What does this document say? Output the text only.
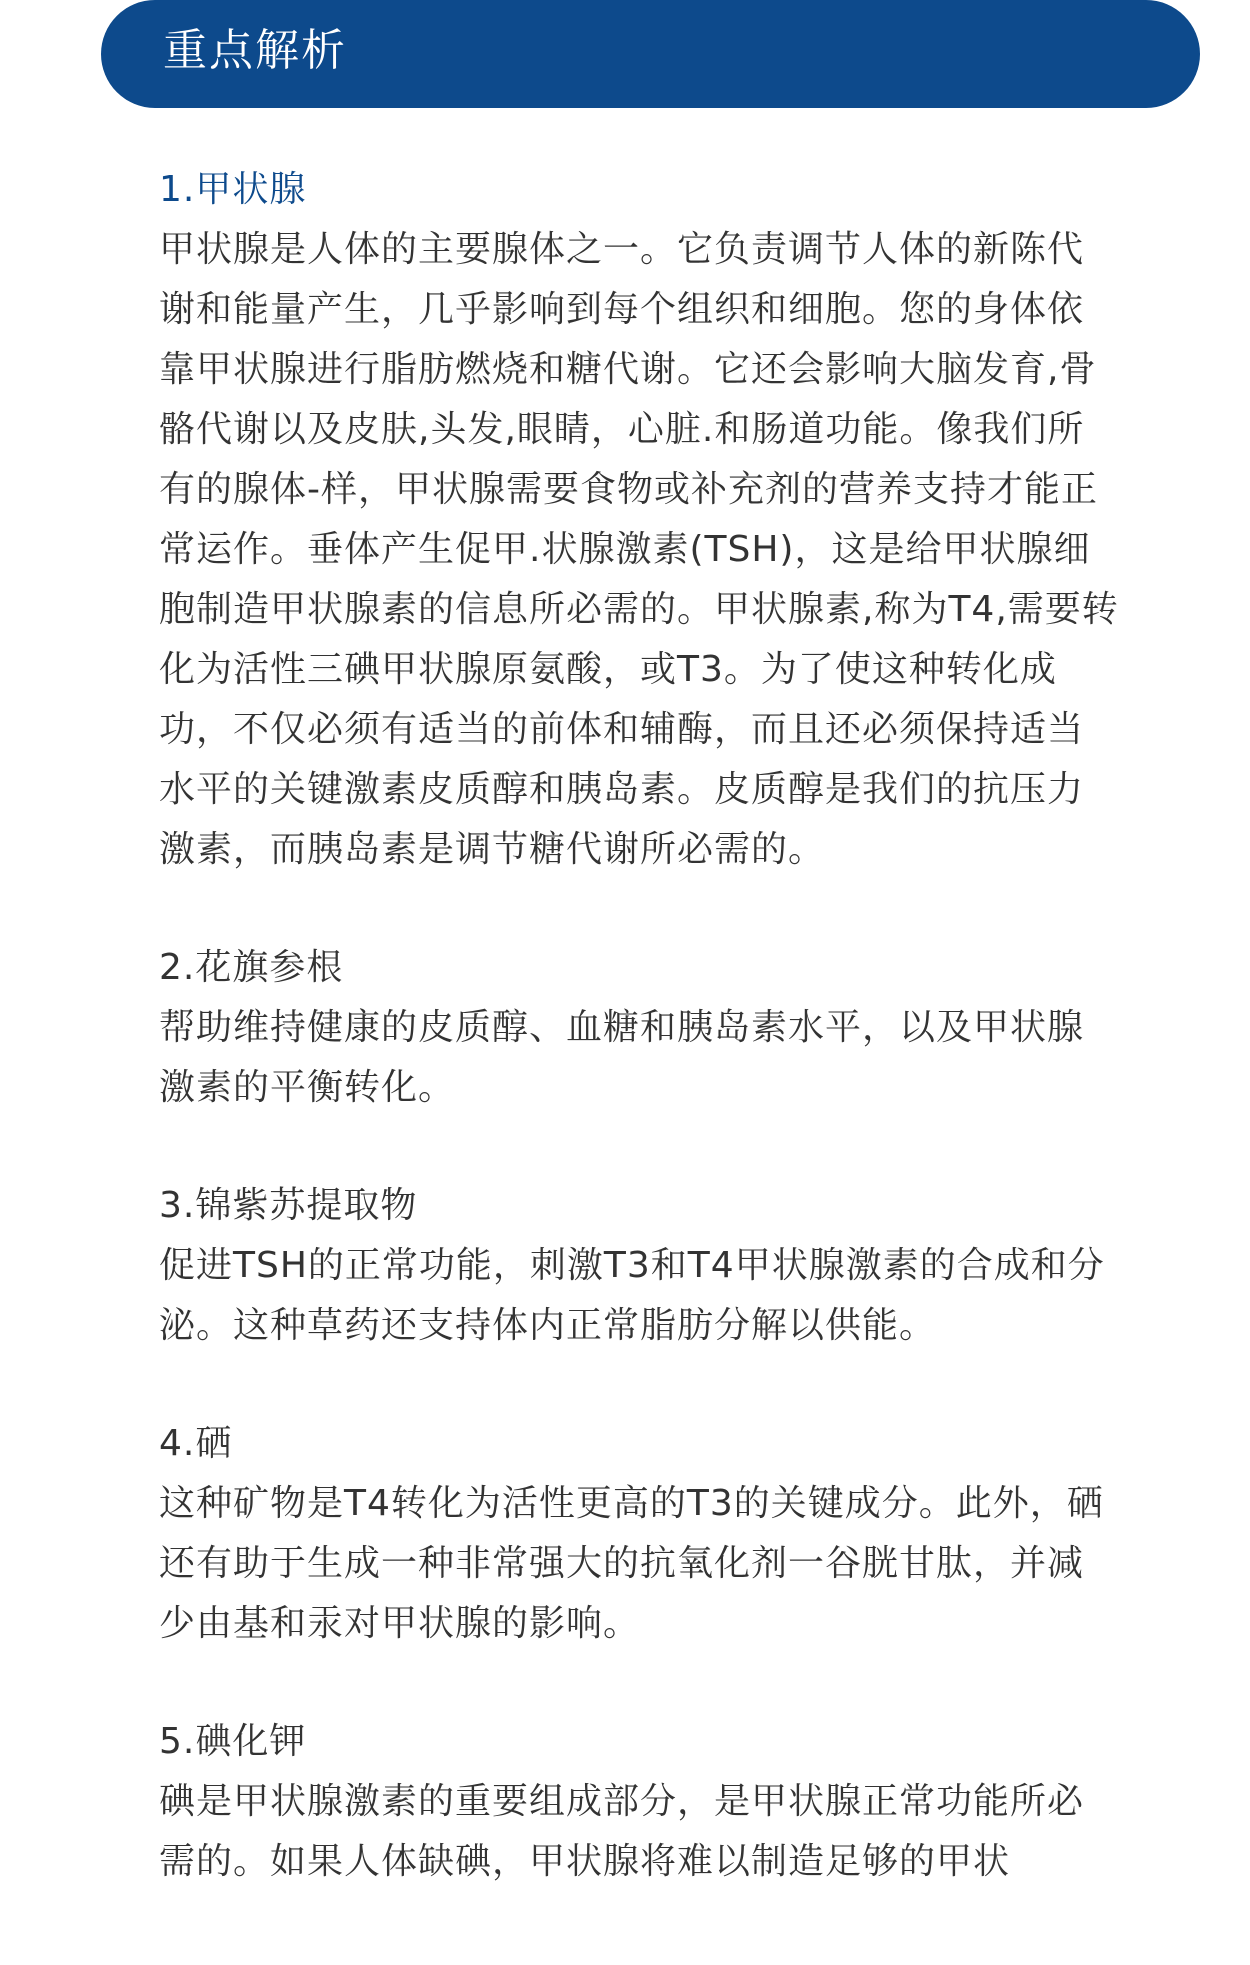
重点解析

1.甲状腺

甲状腺是人体的主要腺体之一。它负责调节人体的新陈代谢和能量产生，几乎影响到每个组织和细胞。您的身体依靠甲状腺进行脂肪燃烧和糖代谢。它还会影响大脑发育,骨骼代谢以及皮肤,头发,眼睛，心脏.和肠道功能。像我们所有的腺体-样，甲状腺需要食物或补充剂的营养支持才能正常运作。垂体产生促甲.状腺激素(TSH)，这是给甲状腺细胞制造甲状腺素的信息所必需的。甲状腺素,称为T4,需要转化为活性三碘甲状腺原氨酸，或T3。为了使这种转化成功，不仅必须有适当的前体和辅酶，而且还必须保持适当水平的关键激素皮质醇和胰岛素。皮质醇是我们的抗压力激素，而胰岛素是调节糖代谢所必需的。

2.花旗参根

帮助维持健康的皮质醇、血糖和胰岛素水平，以及甲状腺激素的平衡转化。

3.锦紫苏提取物

促进TSH的正常功能，刺激T3和T4甲状腺激素的合成和分泌。这种草药还支持体内正常脂肪分解以供能。

4.硒

这种矿物是T4转化为活性更高的T3的关键成分。此外，硒还有助于生成一种非常强大的抗氧化剂一谷胱甘肽，并减少由基和汞对甲状腺的影响。

5.碘化钾

碘是甲状腺激素的重要组成部分，是甲状腺正常功能所必需的。如果人体缺碘，甲状腺将难以制造足够的甲状
